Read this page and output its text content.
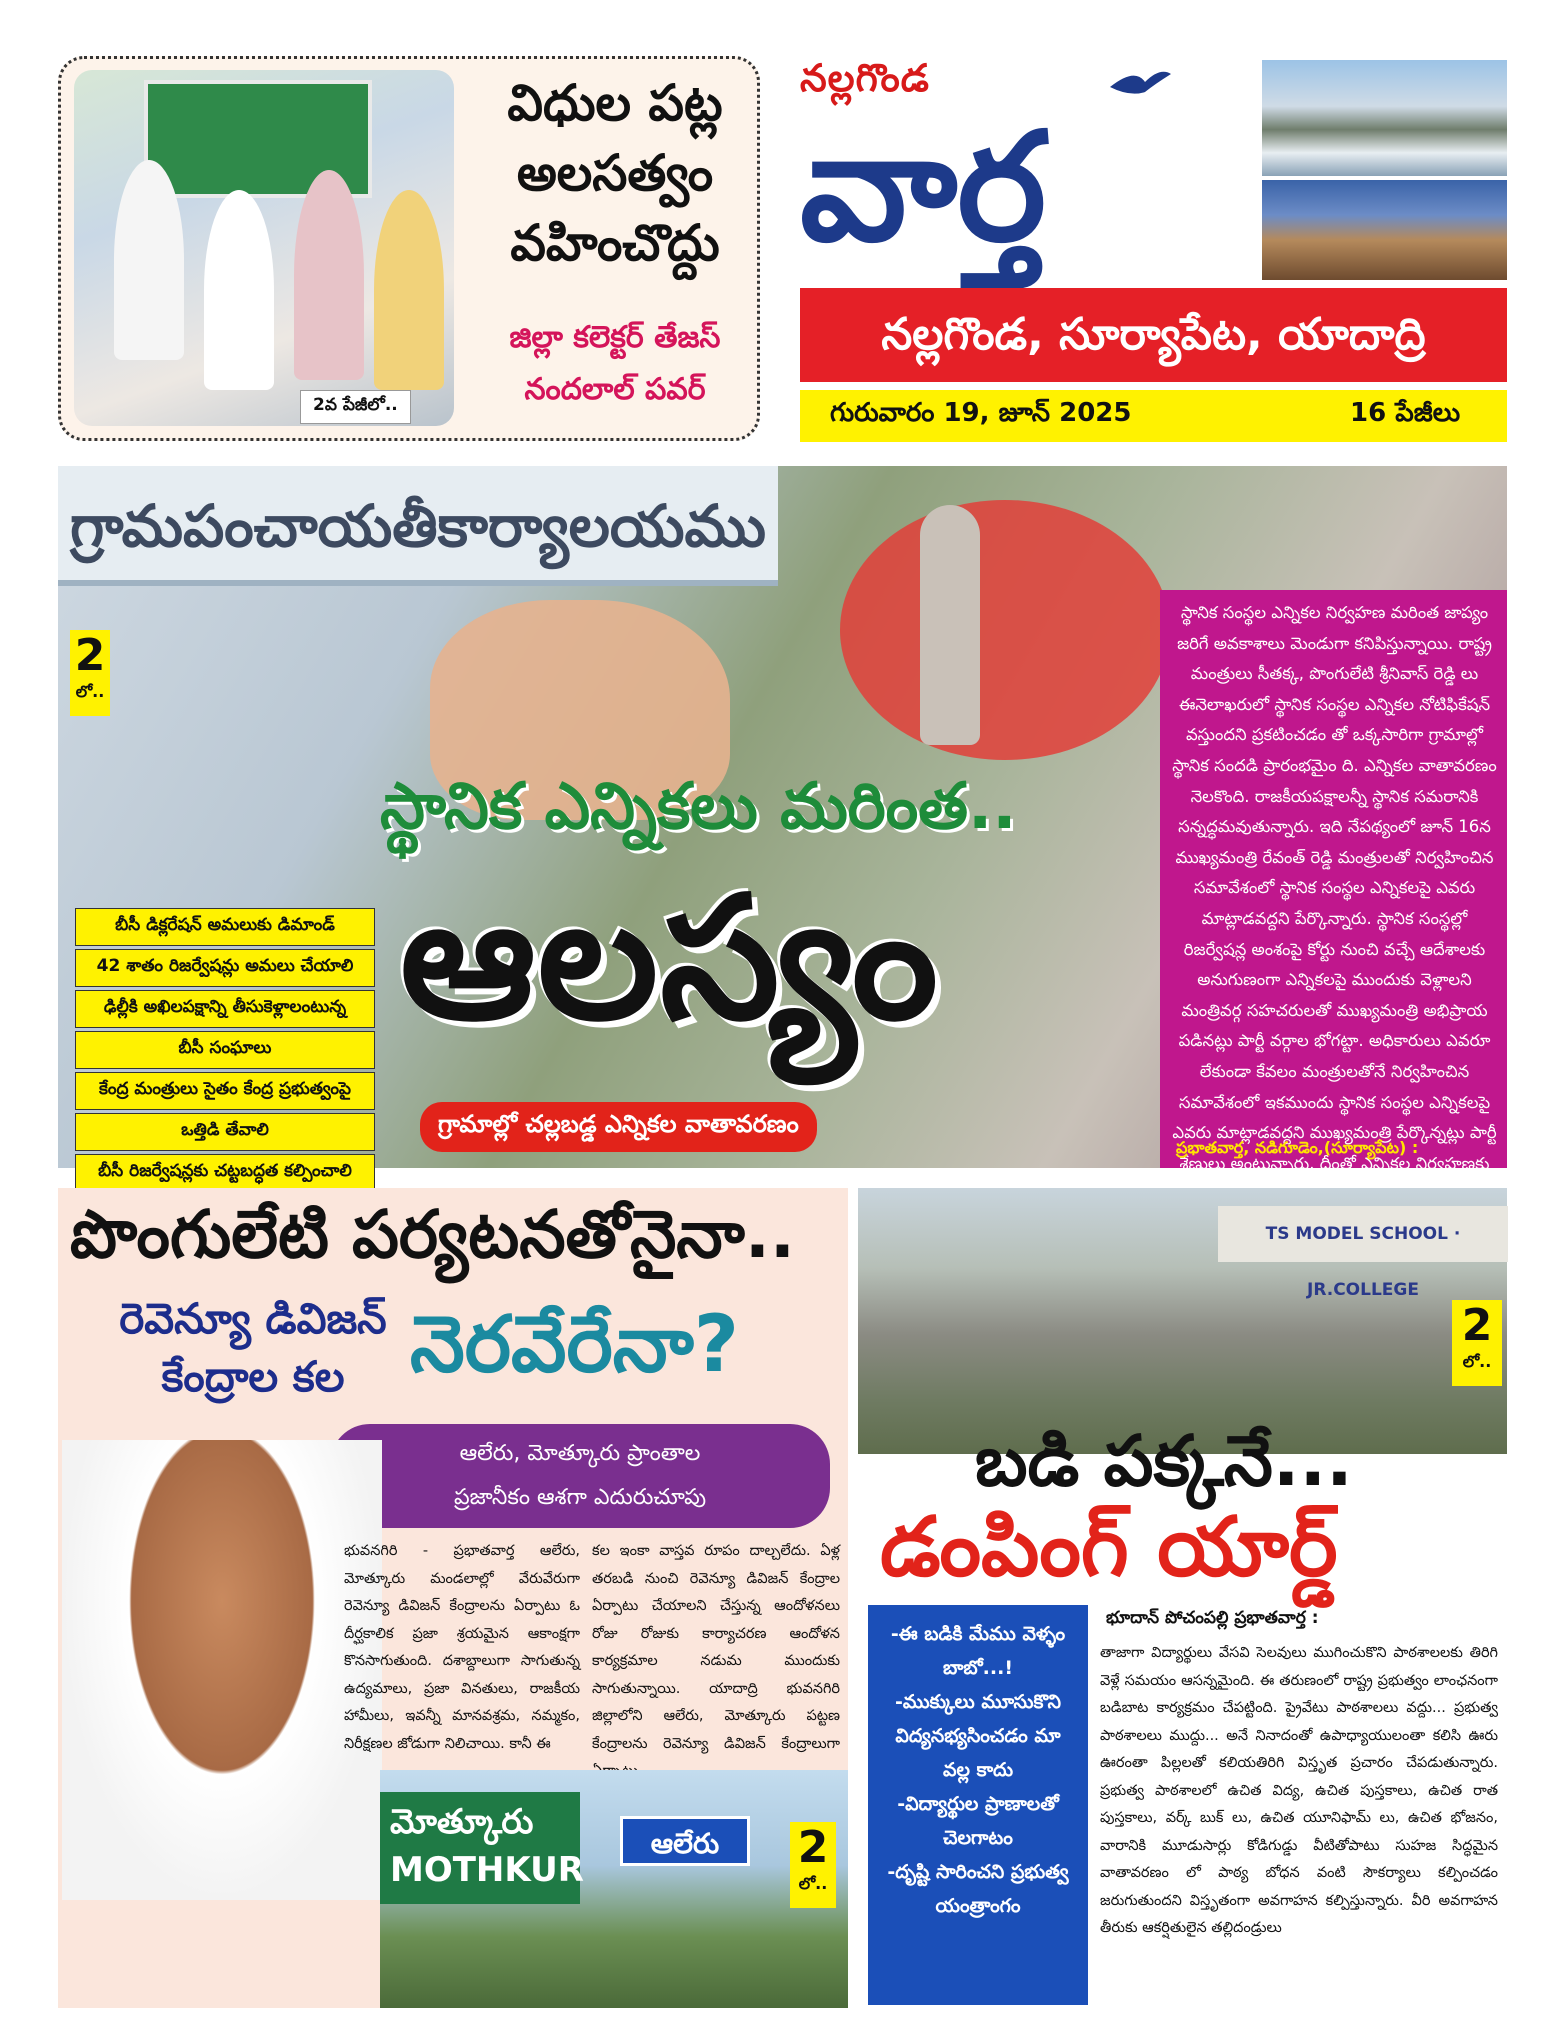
2వ పేజీలో..
విధుల పట్ల
అలసత్వం
వహించొద్దు
జిల్లా కలెక్టర్ తేజస్
నందలాల్ పవర్
నల్లగొండ
వార్త
నల్లగొండ, సూర్యాపేట, యాదాద్రి
గురువారం 19, జూన్ 2025	16 పేజీలు
గ్రామపంచాయతీకార్యాలయము
2
లో..
స్థానిక ఎన్నికలు మరింత..
ఆలస్యం
గ్రామాల్లో చల్లబడ్డ ఎన్నికల వాతావరణం
బీసీ డిక్లరేషన్ అమలుకు డిమాండ్
42 శాతం రిజర్వేషన్లు అమలు చేయాలి
ఢిల్లీకి అఖిలపక్షాన్ని తీసుకెళ్లాలంటున్న
బీసీ సంఘాలు
కేంద్ర మంత్రులు సైతం కేంద్ర ప్రభుత్వంపై
ఒత్తిడి తేవాలి
బీసీ రిజర్వేషన్లకు చట్టబద్ధత కల్పించాలి
స్థానిక సంస్థల ఎన్నికల నిర్వహణ మరింత జాప్యం జరిగే అవకాశాలు మెండుగా కనిపిస్తున్నాయి. రాష్ట్ర మంత్రులు సీతక్క, పొంగులేటి శ్రీనివాస్ రెడ్డి లు ఈనెలాఖరులో స్థానిక సంస్థల ఎన్నికల నోటిఫికేషన్ వస్తుందని ప్రకటించడం తో ఒక్కసారిగా గ్రామాల్లో స్థానిక సందడి ప్రారంభమైం ది. ఎన్నికల వాతావరణం నెలకొంది. రాజకీయపక్షాలన్నీ స్థానిక సమరానికి సన్నద్ధమవుతున్నారు. ఇది నేపథ్యంలో జూన్ 16న ముఖ్యమంత్రి రేవంత్ రెడ్డి మంత్రులతో నిర్వహించిన సమావేశంలో స్థానిక సంస్థల ఎన్నికలపై ఎవరు మాట్లాడవద్దని పేర్కొన్నారు. స్థానిక సంస్థల్లో రిజర్వేషన్ల అంశంపై కోర్టు నుంచి వచ్చే ఆదేశాలకు అనుగుణంగా ఎన్నికలపై ముందుకు వెళ్లాలని మంత్రివర్గ సహచరులతో ముఖ్యమంత్రి అభిప్రాయ పడినట్లు పార్టీ వర్గాల భోగట్టా. అధికారులు ఎవరూ లేకుండా కేవలం మంత్రులతోనే నిర్వహించిన సమావేశంలో ఇకముందు స్థానిక సంస్థల ఎన్నికలపై ఎవరు మాట్లాడవద్దని ముఖ్యమంత్రి పేర్కొన్నట్లు పార్టీ శ్రేణులు అంటున్నారు. దీంతో ఎన్నికల నిర్వహణకు
ప్రభాతవార్త, నడిగూడెం,(సూర్యాపేట) :
పొంగులేటి పర్యటనతోనైనా..
రెవెన్యూ డివిజన్
కేంద్రాల కల నెరవేరేనా?
ఆలేరు, మోత్కూరు ప్రాంతాల
ప్రజానీకం ఆశగా ఎదురుచూపు
భువనగిరి - ప్రభాతవార్త ఆలేరు, మోత్కూరు మండలాల్లో వేరువేరుగా రెవెన్యూ డివిజన్ కేంద్రాలను ఏర్పాటు ఓ దీర్ఘకాలిక ప్రజా శ్రయమైన ఆకాంక్షగా కొనసాగుతుంది. దశాబ్దాలుగా సాగుతున్న ఉద్యమాలు, ప్రజా వినతులు, రాజకీయ హామీలు, ఇవన్నీ మానవశ్రమ, నమ్మకం, నిరీక్షణల జోడుగా నిలిచాయి. కానీ ఈ
కల ఇంకా వాస్తవ రూపం దాల్చలేదు. ఏళ్ల తరబడి నుంచి రెవెన్యూ డివిజన్ కేంద్రాల ఏర్పాటు చేయాలని చేస్తున్న ఆందోళనలు రోజు రోజుకు కార్యాచరణ ఆందోళన కార్యక్రమాల నడుమ ముందుకు సాగుతున్నాయి. యాదాద్రి భువనగిరి జిల్లాలోని ఆలేరు, మోత్కూరు పట్టణ కేంద్రాలను రెవెన్యూ డివిజన్ కేంద్రాలుగా
మోత్కూరు
MOTHKUR
ఆలేరు	2
లో..
TS MODEL SCHOOL · JR.COLLEGE
2
లో..
బడి పక్కనే...
డంపింగ్ యార్డ్
-ఈ బడికి మేము వెళ్ళం
బాబో...!
-ముక్కులు మూసుకొని
విద్యనభ్యసించడం మా
వల్ల కాదు
-విద్యార్థుల ప్రాణాలతో
చెలగాటం
-దృష్టి సారించని ప్రభుత్వ
యంత్రాంగం
భూదాన్ పోచంపల్లి ప్రభాతవార్త :
తాజాగా విద్యార్థులు వేసవి సెలవులు ముగించుకొని పాఠశాలలకు తిరిగి వెళ్లే సమయం ఆసన్నమైంది. ఈ తరుణంలో రాష్ట్ర ప్రభుత్వం లాంఛనంగా బడిబాట కార్యక్రమం చేపట్టింది. ప్రైవేటు పాఠశాలలు వద్దు... ప్రభుత్వ పాఠశాలలు ముద్దు... అనే నినాదంతో ఉపాధ్యాయులంతా కలిసి ఊరు ఊరంతా పిల్లలతో కలియతిరిగి విస్తృత ప్రచారం చేపడుతున్నారు. ప్రభుత్వ పాఠశాలలో ఉచిత విద్య, ఉచిత పుస్తకాలు, ఉచిత రాత పుస్తకాలు, వర్క్ బుక్ లు, ఉచిత యూనిఫామ్ లు, ఉచిత భోజనం, వారానికి మూడుసార్లు కోడిగుడ్డు వీటితోపాటు సుహజ సిద్ధమైన వాతావరణం లో పాఠ్య బోధన వంటి సౌకర్యాలు కల్పించడం జరుగుతుందని విస్తృతంగా అవగాహన కల్పిస్తున్నారు. వీరి అవగాహన తీరుకు ఆకర్షితులైన తల్లిదండ్రులు
